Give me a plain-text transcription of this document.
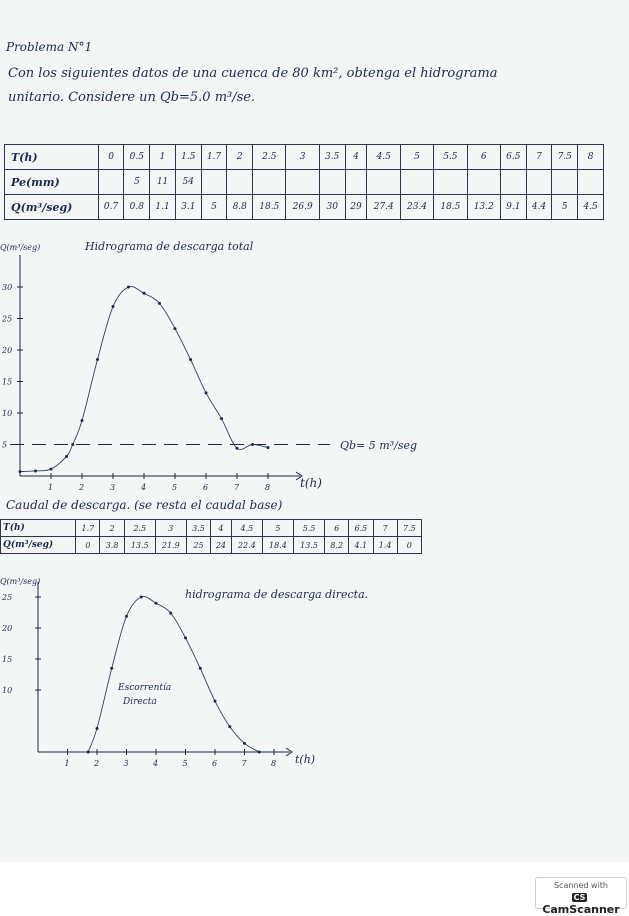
Problema N°1
Con los siguientes datos de una cuenca de 80 km², obtenga el hidrograma
unitario. Considere un Qb=5.0 m³/se.
T(h)	0	0.5	1	1.5	1.7	2	2.5	3	3.5	4	4.5	5	5.5	6	6.5	7	7.5	8
Pe(mm)		5	11	54														
Q(m³/seg)	0.7	0.8	1.1	3.1	5	8.8	18.5	26.9	30	29	27.4	23.4	18.5	13.2	9.1	4.4	5	4.5
Hidrograma de descarga total
Q(m³/seg)
t(h)
Qb= 5 m³/seg
1	2	3	4	5	6	7	8
5
10
15
20
25
30
Caudal de descarga. (se resta el caudal base)
T(h)	1.7	2	2.5	3	3.5	4	4.5	5	5.5	6	6.5	7	7.5
Q(m³/seg)	0	3.8	13.5	21.9	25	24	22.4	18.4	13.5	8.2	4.1	1.4	0
hidrograma de descarga directa.
Q(m³/seg)
t(h)
Escorrentía
Directa
1	2	3	4	5	6	7	8
10
15
20
25
Scanned with
CSCamScanner
